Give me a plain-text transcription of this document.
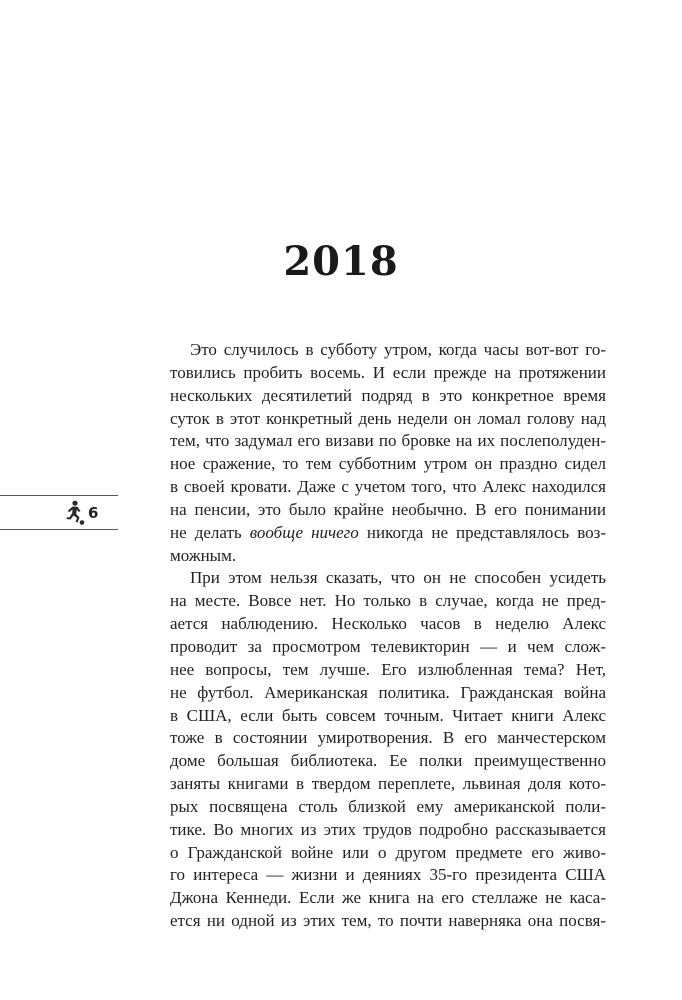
2018
6
Это случилось в субботу утром, когда часы вот-вот го-
товились пробить восемь. И если прежде на протяжении
нескольких десятилетий подряд в это конкретное время
суток в этот конкретный день недели он ломал голову над
тем, что задумал его визави по бровке на их послеполуден-
ное сражение, то тем субботним утром он праздно сидел
в своей кровати. Даже с учетом того, что Алекс находился
на пенсии, это было крайне необычно. В его понимании
не делать вообще ничего никогда не представлялось воз-
можным.
При этом нельзя сказать, что он не способен усидеть
на месте. Вовсе нет. Но только в случае, когда не пред-
ается наблюдению. Несколько часов в неделю Алекс
проводит за просмотром телевикторин — и чем слож-
нее вопросы, тем лучше. Его излюбленная тема? Нет,
не футбол. Американская политика. Гражданская война
в США, если быть совсем точным. Читает книги Алекс
тоже в состоянии умиротворения. В его манчестерском
доме большая библиотека. Ее полки преимущественно
заняты книгами в твердом переплете, львиная доля кото-
рых посвящена столь близкой ему американской поли-
тике. Во многих из этих трудов подробно рассказывается
о Гражданской войне или о другом предмете его живо-
го интереса — жизни и деяниях 35-го президента США
Джона Кеннеди. Если же книга на его стеллаже не каса-
ется ни одной из этих тем, то почти наверняка она посвя-
